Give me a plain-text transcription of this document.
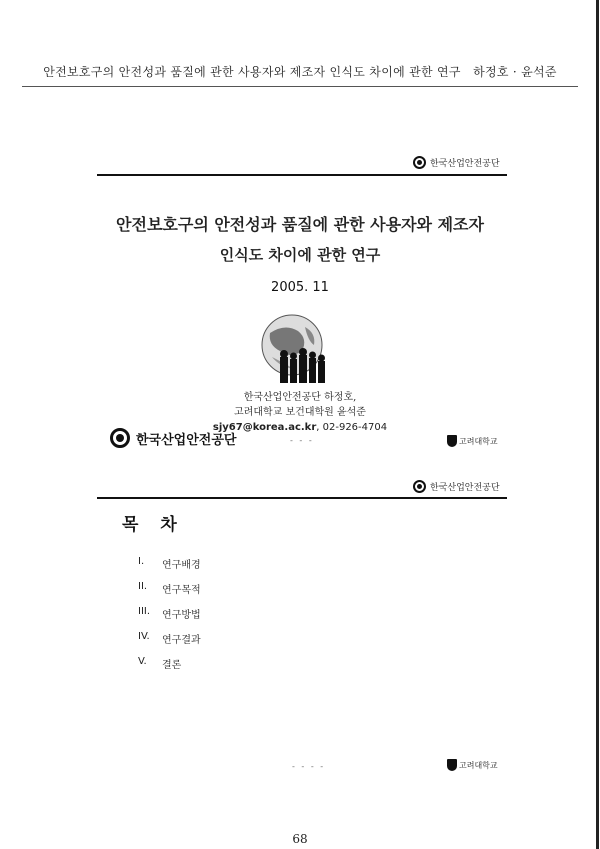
안전보호구의 안전성과 품질에 관한 사용자와 제조자 인식도 차이에 관한 연구　하정호 · 윤석준
한국산업안전공단
안전보호구의 안전성과 품질에 관한 사용자와 제조자
인식도 차이에 관한 연구
2005. 11
한국산업안전공단 하정호,
고려대학교 보건대학원 윤석준
sjy67@korea.ac.kr, 02-926-4704
한국산업안전공단	- - -	고려대학교
한국산업안전공단
목 차
I.	연구배경
II.	연구목적
III.	연구방법
IV.	연구결과
V.	결론
- - - -	고려대학교
68
